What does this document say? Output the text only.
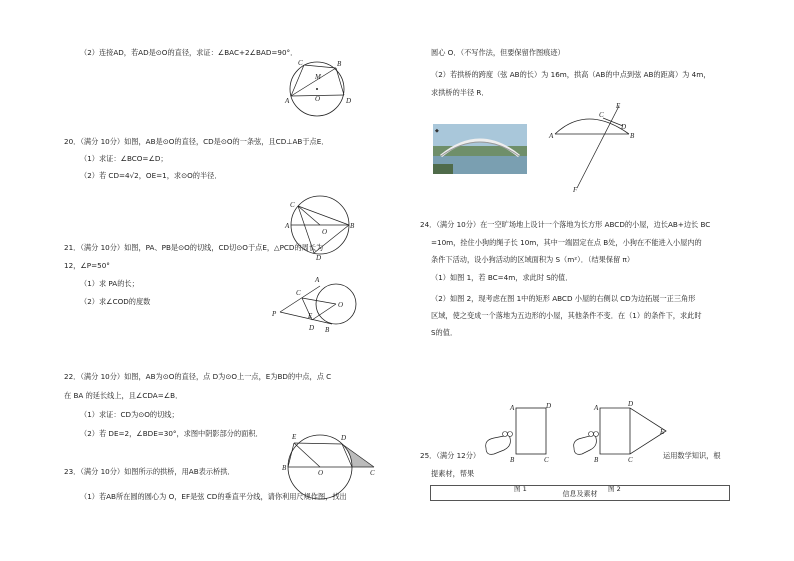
（2）连接AD，若AD是⊙O的直径，求证：∠BAC+2∠BAD=90°．
20．（满分 10分）如图，AB是⊙O的直径，CD是⊙O的一条弦，且CD⊥AB于点E．
（1）求证：∠BCO=∠D；
（2）若 CD=4√2，OE=1，求⊙O的半径．
21．（满分 10分）如图，PA、PB是⊙O的切线，CD切⊙O于点E，△PCD的周长为
12，∠P=50°
（1）求 PA的长；
（2）求∠COD的度数
22．（满分 10分）如图，AB为⊙O的直径，点 D为⊙O上一点，E为BD的中点，点 C
在 BA 的延长线上，且∠CDA=∠B．
（1）求证：CD为⊙O的切线；
（2）若 DE=2，∠BDE=30°，求图中阴影部分的面积．
23．（满分 10分）如图所示的拱桥，用AB表示桥拱．
（1）若AB所在圆的圆心为 O，EF是弦 CD的垂直平分线，请你利用尺规作图，找出
圆心 O．（不写作法，但要保留作图痕迹）
（2）若拱桥的跨度（弦 AB的长）为 16m，拱高（AB的中点到弦 AB的距离）为 4m，
求拱桥的半径 R．
24．（满分 10分）在一空旷场地上设计一个落地为长方形 ABCD的小屋，边长AB+边长 BC
=10m，拴住小狗的绳子长 10m，其中一端固定在点 B处，小狗在不能进入小屋内的
条件下活动，设小狗活动的区域面积为 S（m²）．（结果保留 π）
（1）如图 1，若 BC=4m，求此时 S的值．
（2）如图 2，现考虑在图 1中的矩形 ABCD 小屋的右侧以 CD为边拓展一正三角形
区域，使之变成一个落地为五边形的小屋，其他条件不变．在（1）的条件下，求此时
S的值．
25．（满分 12分）
提素材，帮果
运用数学知识，根
信息及素材
C	B
M
A	O	D
C
A	B
O
D
A
C
O
P	E
D B
E	D
B
O	C
◆
A	B
C
D
E
F
A	D
B	C
图 1
A	D
E
B	C
图 2
